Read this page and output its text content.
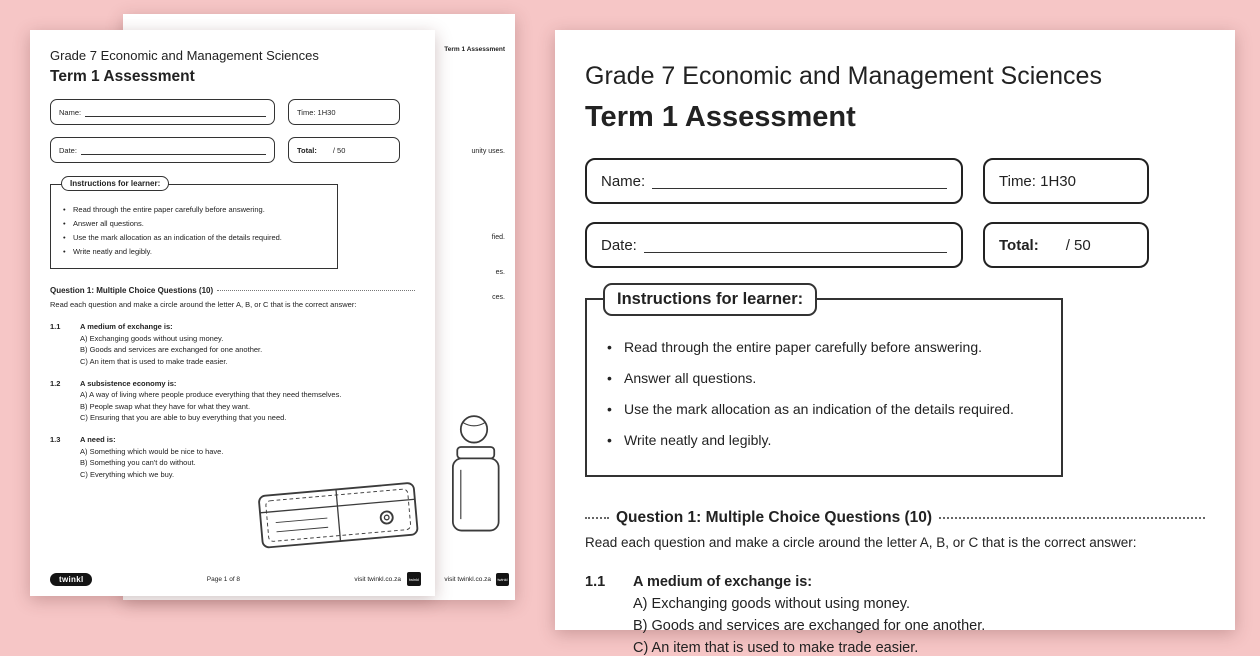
Term 1 Assessment
unity uses.
fied.
es.
ces.
visit twinkl.co.za	twinkl
Grade 7 Economic and Management Sciences
Term 1 Assessment
Name:	Time: 1H30
Date:	Total: / 50
Instructions for learner:
• Read through the entire paper carefully before answering.
• Answer all questions.
• Use the mark allocation as an indication of the details required.
• Write neatly and legibly.
Question 1: Multiple Choice Questions (10)
Read each question and make a circle around the letter A, B, or C that is the correct answer:
1.1	A medium of exchange is:
A) Exchanging goods without using money.
B) Goods and services are exchanged for one another.
C) An item that is used to make trade easier.
1.2	A subsistence economy is:
A) A way of living where people produce everything that they need themselves.
B) People swap what they have for what they want.
C) Ensuring that you are able to buy everything that you need.
1.3	A need is:
A) Something which would be nice to have.
B) Something you can't do without.
C) Everything which we buy.
twinkl	Page 1 of 8	visit twinkl.co.za	twinkl
Grade 7 Economic and Management Sciences
Term 1 Assessment
Name:	Time: 1H30
Date:	Total: / 50
Instructions for learner:
• Read through the entire paper carefully before answering.
• Answer all questions.
• Use the mark allocation as an indication of the details required.
• Write neatly and legibly.
Question 1: Multiple Choice Questions (10)
Read each question and make a circle around the letter A, B, or C that is the correct answer:
1.1	A medium of exchange is:
A) Exchanging goods without using money.
B) Goods and services are exchanged for one another.
C) An item that is used to make trade easier.
